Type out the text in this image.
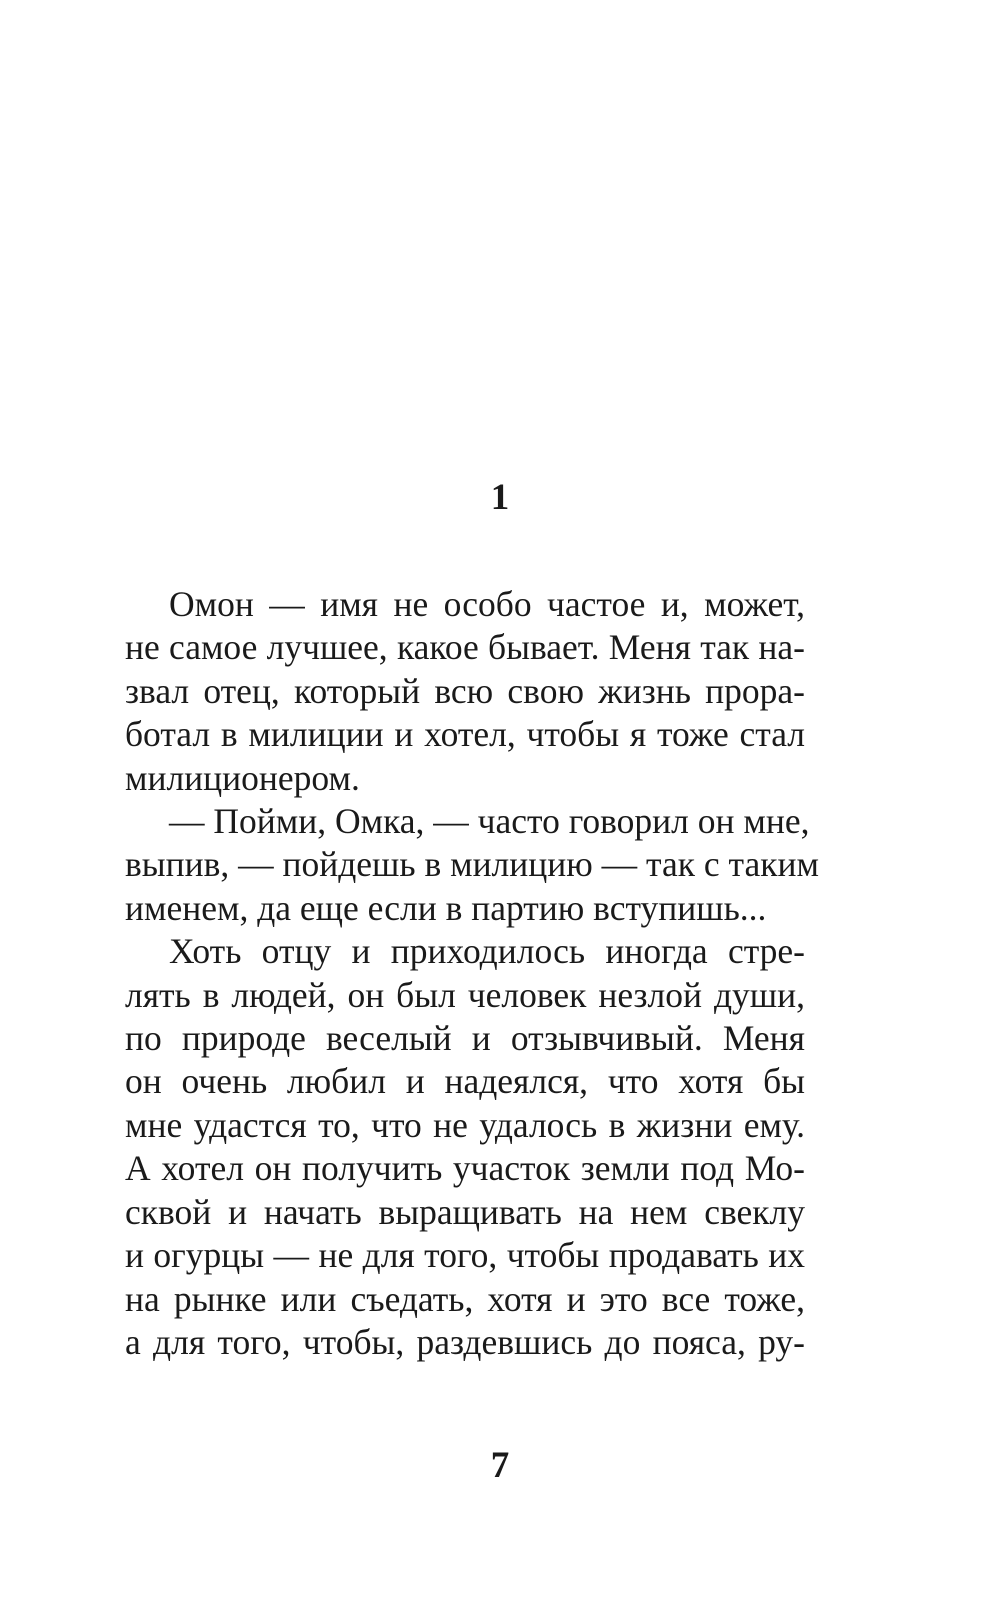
1
Омон — имя не особо частое и, может,
не самое лучшее, какое бывает. Меня так на-
звал отец, который всю свою жизнь прора-
ботал в милиции и хотел, чтобы я тоже стал
милиционером.
— Пойми, Омка, — часто говорил он мне,
выпив, — пойдешь в милицию — так с таким
именем, да еще если в партию вступишь...
Хоть отцу и приходилось иногда стре-
лять в людей, он был человек незлой души,
по природе веселый и отзывчивый. Меня
он очень любил и надеялся, что хотя бы
мне удастся то, что не удалось в жизни ему.
А хотел он получить участок земли под Мо-
сквой и начать выращивать на нем свеклу
и огурцы — не для того, чтобы продавать их
на рынке или съедать, хотя и это все тоже,
а для того, чтобы, раздевшись до пояса, ру-
7
